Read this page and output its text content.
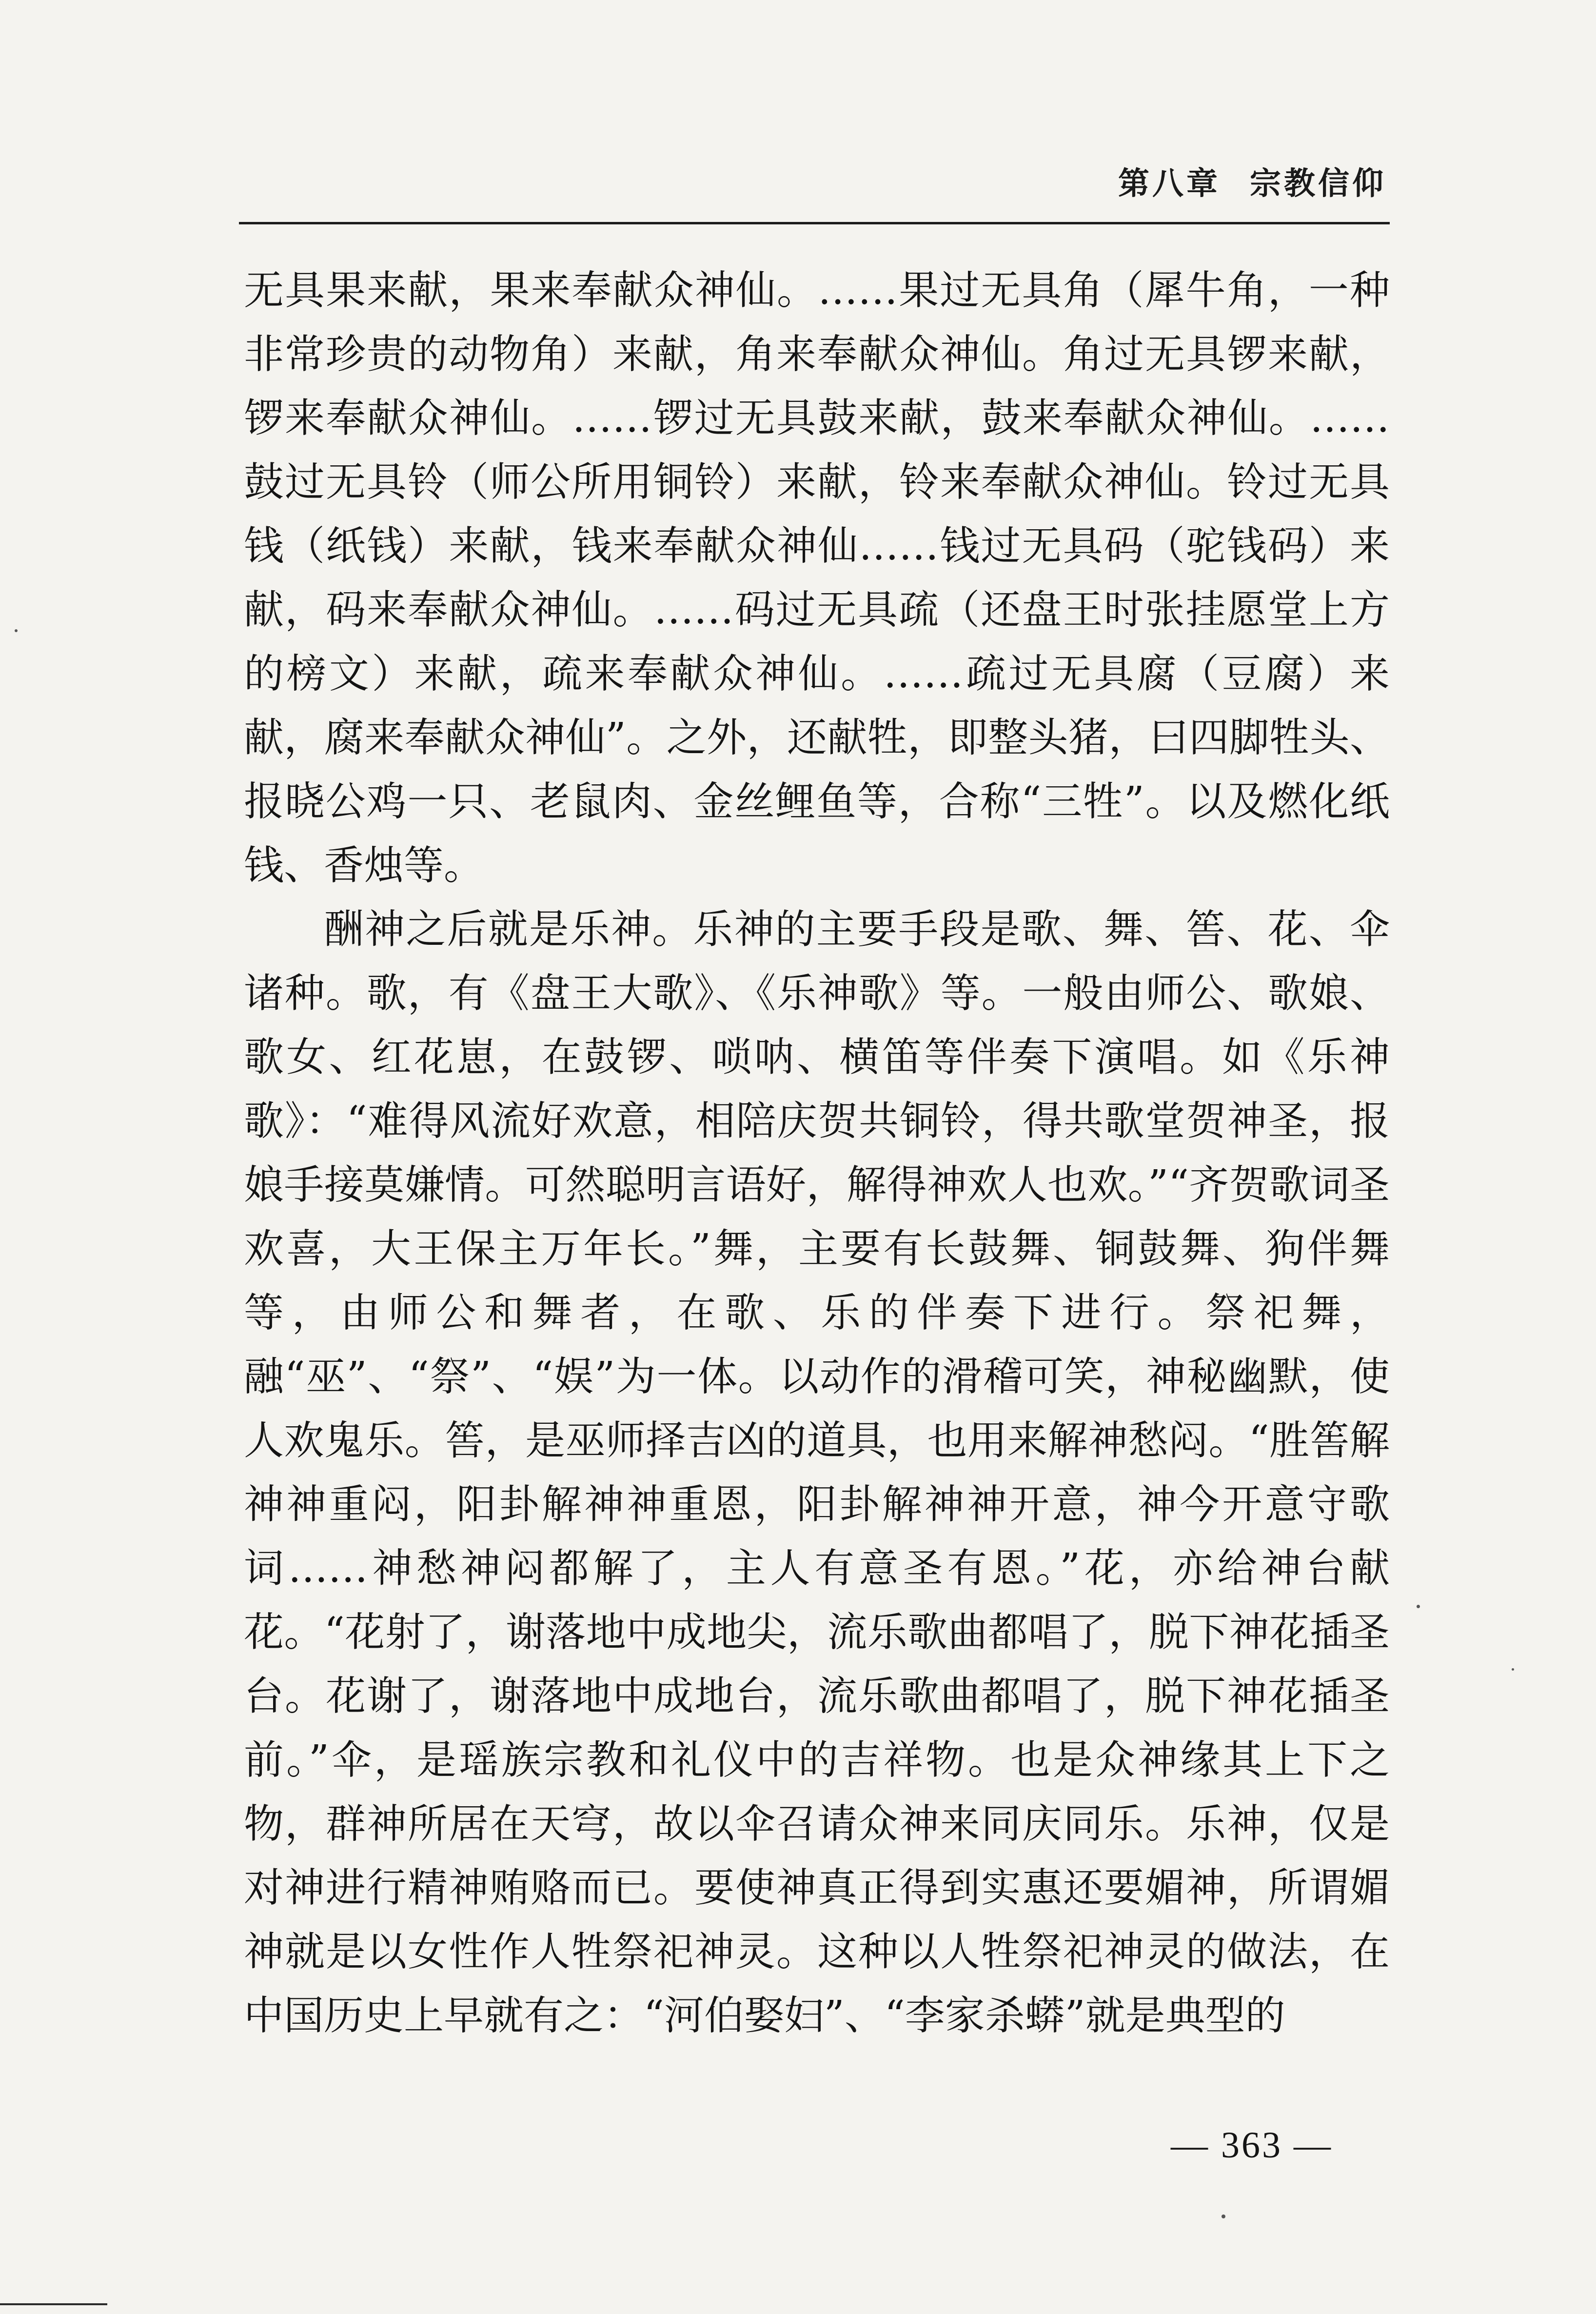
第八章 宗教信仰

无具果来献，果来奉献众神仙。……果过无具角（犀牛角，一种非常珍贵的动物角）来献，角来奉献众神仙。角过无具锣来献，锣来奉献众神仙。……锣过无具鼓来献，鼓来奉献众神仙。……鼓过无具铃（师公所用铜铃）来献，铃来奉献众神仙。铃过无具钱（纸钱）来献，钱来奉献众神仙……钱过无具码（驼钱码）来献，码来奉献众神仙。……码过无具疏（还盘王时张挂愿堂上方的榜文）来献，疏来奉献众神仙。……疏过无具腐（豆腐）来献，腐来奉献众神仙”。之外，还献牲，即整头猪，曰四脚牲头、报晓公鸡一只、老鼠肉、金丝鲤鱼等，合称“三牲”。以及燃化纸钱、香烛等。

酬神之后就是乐神。乐神的主要手段是歌、舞、筶、花、伞诸种。歌，有《盘王大歌》、《乐神歌》等。一般由师公、歌娘、歌女、红花崽，在鼓锣、唢呐、横笛等伴奏下演唱。如《乐神歌》：“难得风流好欢意，相陪庆贺共铜铃，得共歌堂贺神圣，报娘手接莫嫌情。可然聪明言语好，解得神欢人也欢。”“齐贺歌词圣欢喜，大王保主万年长。”舞，主要有长鼓舞、铜鼓舞、狗伴舞等，由师公和舞者，在歌、乐的伴奏下进行。祭祀舞，融“巫”、“祭”、“娱”为一体。以动作的滑稽可笑，神秘幽默，使人欢鬼乐。筶，是巫师择吉凶的道具，也用来解神愁闷。“胜筶解神神重闷，阳卦解神神重恩，阳卦解神神开意，神今开意守歌词……神愁神闷都解了，主人有意圣有恩。”花，亦给神台献花。“花射了，谢落地中成地尖，流乐歌曲都唱了，脱下神花插圣台。花谢了，谢落地中成地台，流乐歌曲都唱了，脱下神花插圣前。”伞，是瑶族宗教和礼仪中的吉祥物。也是众神缘其上下之物，群神所居在天穹，故以伞召请众神来同庆同乐。乐神，仅是对神进行精神贿赂而已。要使神真正得到实惠还要媚神，所谓媚神就是以女性作人牲祭祀神灵。这种以人牲祭祀神灵的做法，在中国历史上早就有之：“河伯娶妇”、“李家杀蟒”就是典型的

— 363 —
